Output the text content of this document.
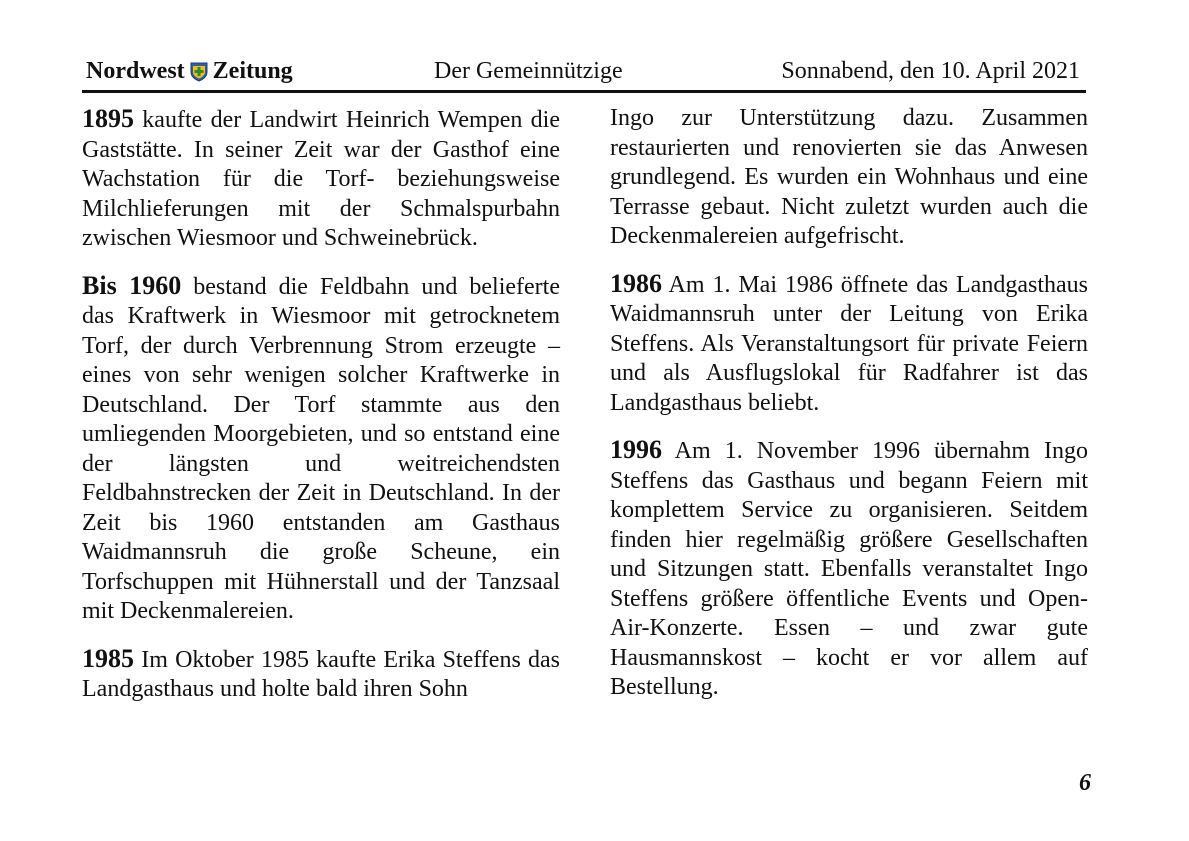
Nordwest Zeitung	Der Gemeinnützige	Sonnabend, den 10. April 2021

1895 kaufte der Landwirt Heinrich Wempen die Gaststätte. In seiner Zeit war der Gasthof eine Wachstation für die Torf- beziehungsweise Milchlieferungen mit der Schmalspurbahn zwischen Wiesmoor und Schweinebrück.

Bis 1960 bestand die Feldbahn und belieferte das Kraftwerk in Wiesmoor mit getrocknetem Torf, der durch Verbrennung Strom erzeugte – eines von sehr wenigen solcher Kraftwerke in Deutschland. Der Torf stammte aus den umliegenden Moorgebieten, und so entstand eine der längsten und weitreichendsten Feldbahnstrecken der Zeit in Deutschland. In der Zeit bis 1960 entstanden am Gasthaus Waidmannsruh die große Scheune, ein Torfschuppen mit Hühnerstall und der Tanzsaal mit Deckenmalereien.

1985 Im Oktober 1985 kaufte Erika Steffens das Landgasthaus und holte bald ihren Sohn

Ingo zur Unterstützung dazu. Zusammen restaurierten und renovierten sie das Anwesen grundlegend. Es wurden ein Wohnhaus und eine Terrasse gebaut. Nicht zuletzt wurden auch die Deckenmalereien aufgefrischt.

1986 Am 1. Mai 1986 öffnete das Landgasthaus Waidmannsruh unter der Leitung von Erika Steffens. Als Veranstaltungsort für private Feiern und als Ausflugslokal für Radfahrer ist das Landgasthaus beliebt.

1996 Am 1. November 1996 übernahm Ingo Steffens das Gasthaus und begann Feiern mit komplettem Service zu organisieren. Seitdem finden hier regelmäßig größere Gesellschaften und Sitzungen statt. Ebenfalls veranstaltet Ingo Steffens größere öffentliche Events und Open-Air-Konzerte. Essen – und zwar gute Hausmannskost – kocht er vor allem auf Bestellung.

6
